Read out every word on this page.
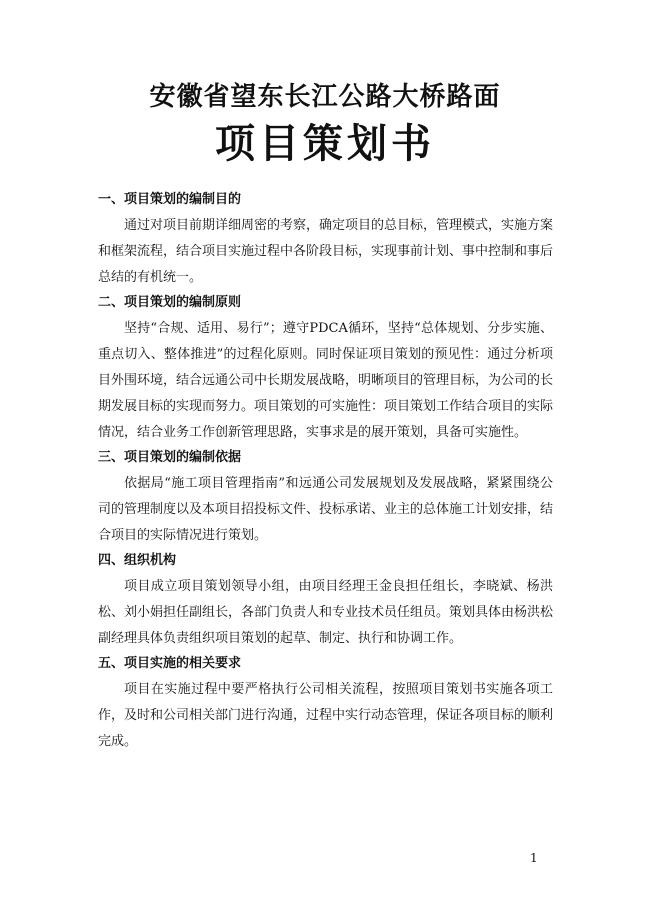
安徽省望东长江公路大桥路面
项目策划书
一、项目策划的编制目的

通过对项目前期详细周密的考察，确定项目的总目标，管理模式，实施方案和框架流程，结合项目实施过程中各阶段目标，实现事前计划、事中控制和事后总结的有机统一。

二、项目策划的编制原则

坚持“合规、适用、易行”；遵守PDCA循环，坚持“总体规划、分步实施、重点切入、整体推进”的过程化原则。同时保证项目策划的预见性：通过分析项目外围环境，结合远通公司中长期发展战略，明晰项目的管理目标，为公司的长期发展目标的实现而努力。项目策划的可实施性：项目策划工作结合项目的实际情况，结合业务工作创新管理思路，实事求是的展开策划，具备可实施性。

三、项目策划的编制依据

依据局“施工项目管理指南”和远通公司发展规划及发展战略，紧紧围绕公司的管理制度以及本项目招投标文件、投标承诺、业主的总体施工计划安排，结合项目的实际情况进行策划。

四、组织机构

项目成立项目策划领导小组，由项目经理王金良担任组长，李晓斌、杨洪松、刘小娟担任副组长，各部门负责人和专业技术员任组员。策划具体由杨洪松副经理具体负责组织项目策划的起草、制定、执行和协调工作。

五、项目实施的相关要求

项目在实施过程中要严格执行公司相关流程，按照项目策划书实施各项工作，及时和公司相关部门进行沟通，过程中实行动态管理，保证各项目标的顺利完成。

1
